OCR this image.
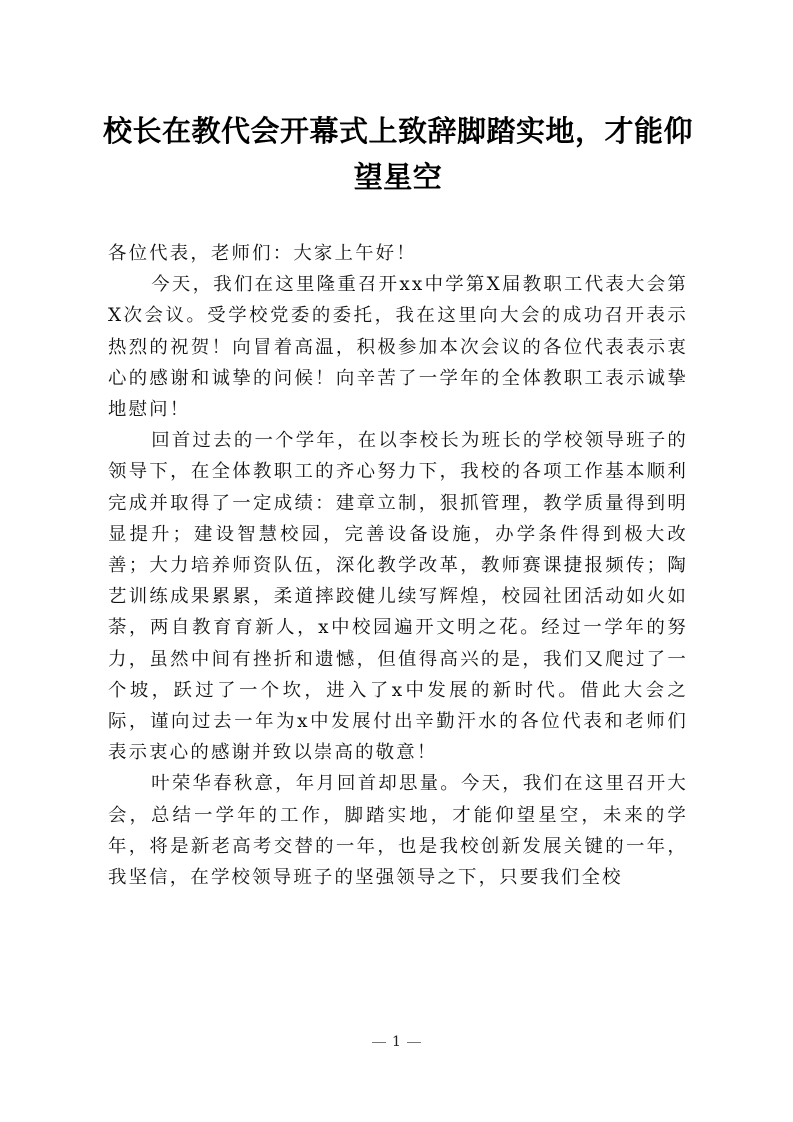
校长在教代会开幕式上致辞脚踏实地，才能仰望星空

各位代表，老师们：大家上午好！

今天，我们在这里隆重召开xx中学第X届教职工代表大会第X次会议。受学校党委的委托，我在这里向大会的成功召开表示热烈的祝贺！向冒着高温，积极参加本次会议的各位代表表示衷心的感谢和诚挚的问候！向辛苦了一学年的全体教职工表示诚挚地慰问！

回首过去的一个学年，在以李校长为班长的学校领导班子的领导下，在全体教职工的齐心努力下，我校的各项工作基本顺利完成并取得了一定成绩：建章立制，狠抓管理，教学质量得到明显提升；建设智慧校园，完善设备设施，办学条件得到极大改善；大力培养师资队伍，深化教学改革，教师赛课捷报频传；陶艺训练成果累累，柔道摔跤健儿续写辉煌，校园社团活动如火如荼，两自教育育新人，x中校园遍开文明之花。经过一学年的努力，虽然中间有挫折和遗憾，但值得高兴的是，我们又爬过了一个坡，跃过了一个坎，进入了x中发展的新时代。借此大会之际，谨向过去一年为x中发展付出辛勤汗水的各位代表和老师们表示衷心的感谢并致以崇高的敬意！

叶荣华春秋意，年月回首却思量。今天，我们在这里召开大会，总结一学年的工作，脚踏实地，才能仰望星空，未来的学年，将是新老高考交替的一年，也是我校创新发展关键的一年，我坚信，在学校领导班子的坚强领导之下，只要我们全校

1
